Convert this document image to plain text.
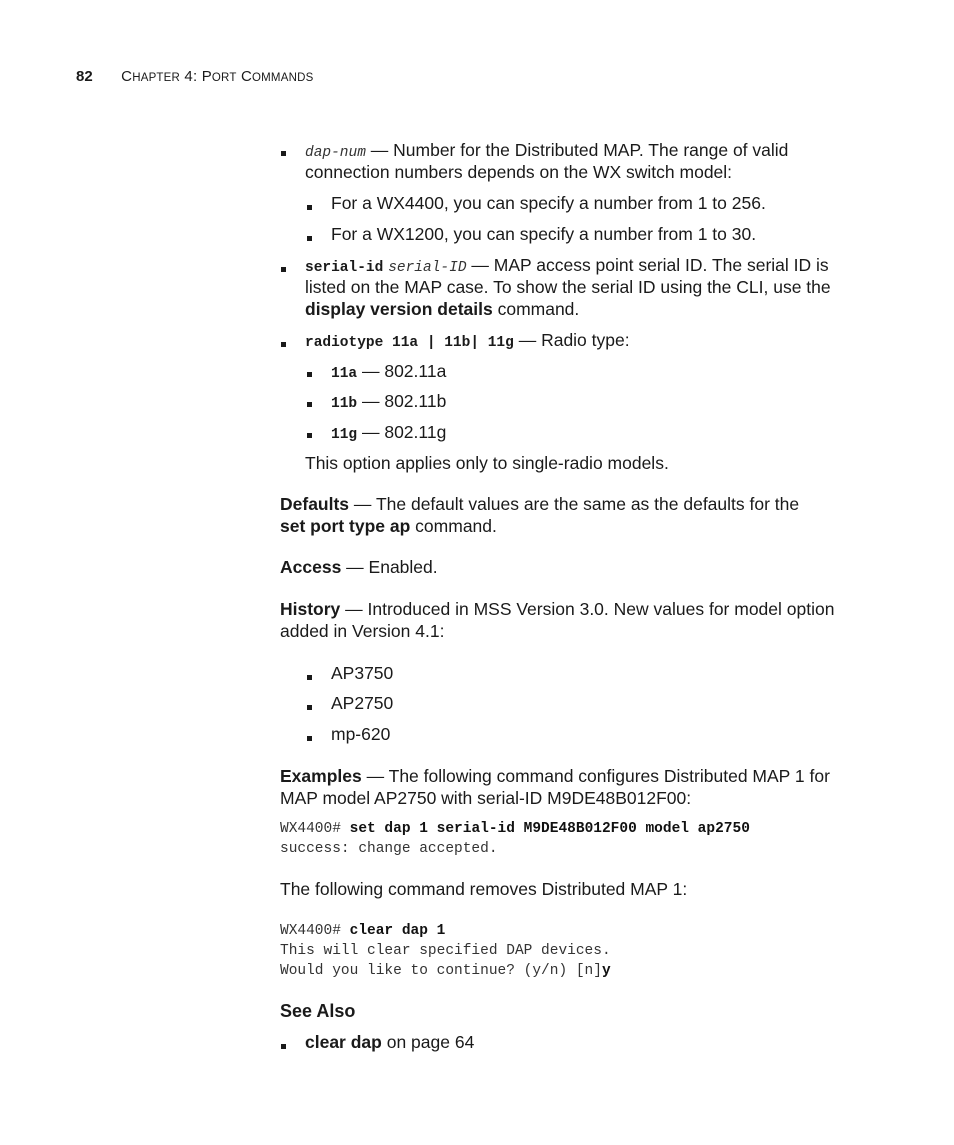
82 CHAPTER 4: PORT COMMANDS
dap-num — Number for the Distributed MAP. The range of valid
connection numbers depends on the WX switch model:
For a WX4400, you can specify a number from 1 to 256.
For a WX1200, you can specify a number from 1 to 30.
serial-id serial-ID — MAP access point serial ID. The serial ID is
listed on the MAP case. To show the serial ID using the CLI, use the
display version details command.
radiotype 11a | 11b| 11g — Radio type:
11a — 802.11a
11b — 802.11b
11g — 802.11g
This option applies only to single-radio models.
Defaults — The default values are the same as the defaults for the
set port type ap command.
Access — Enabled.
History — Introduced in MSS Version 3.0. New values for model option
added in Version 4.1:
AP3750
AP2750
mp-620
Examples — The following command configures Distributed MAP 1 for
MAP model AP2750 with serial-ID M9DE48B012F00:
WX4400# set dap 1 serial-id M9DE48B012F00 model ap2750
success: change accepted.
The following command removes Distributed MAP 1:
WX4400# clear dap 1
This will clear specified DAP devices.
Would you like to continue? (y/n) [n]y
See Also
clear dap on page 64
